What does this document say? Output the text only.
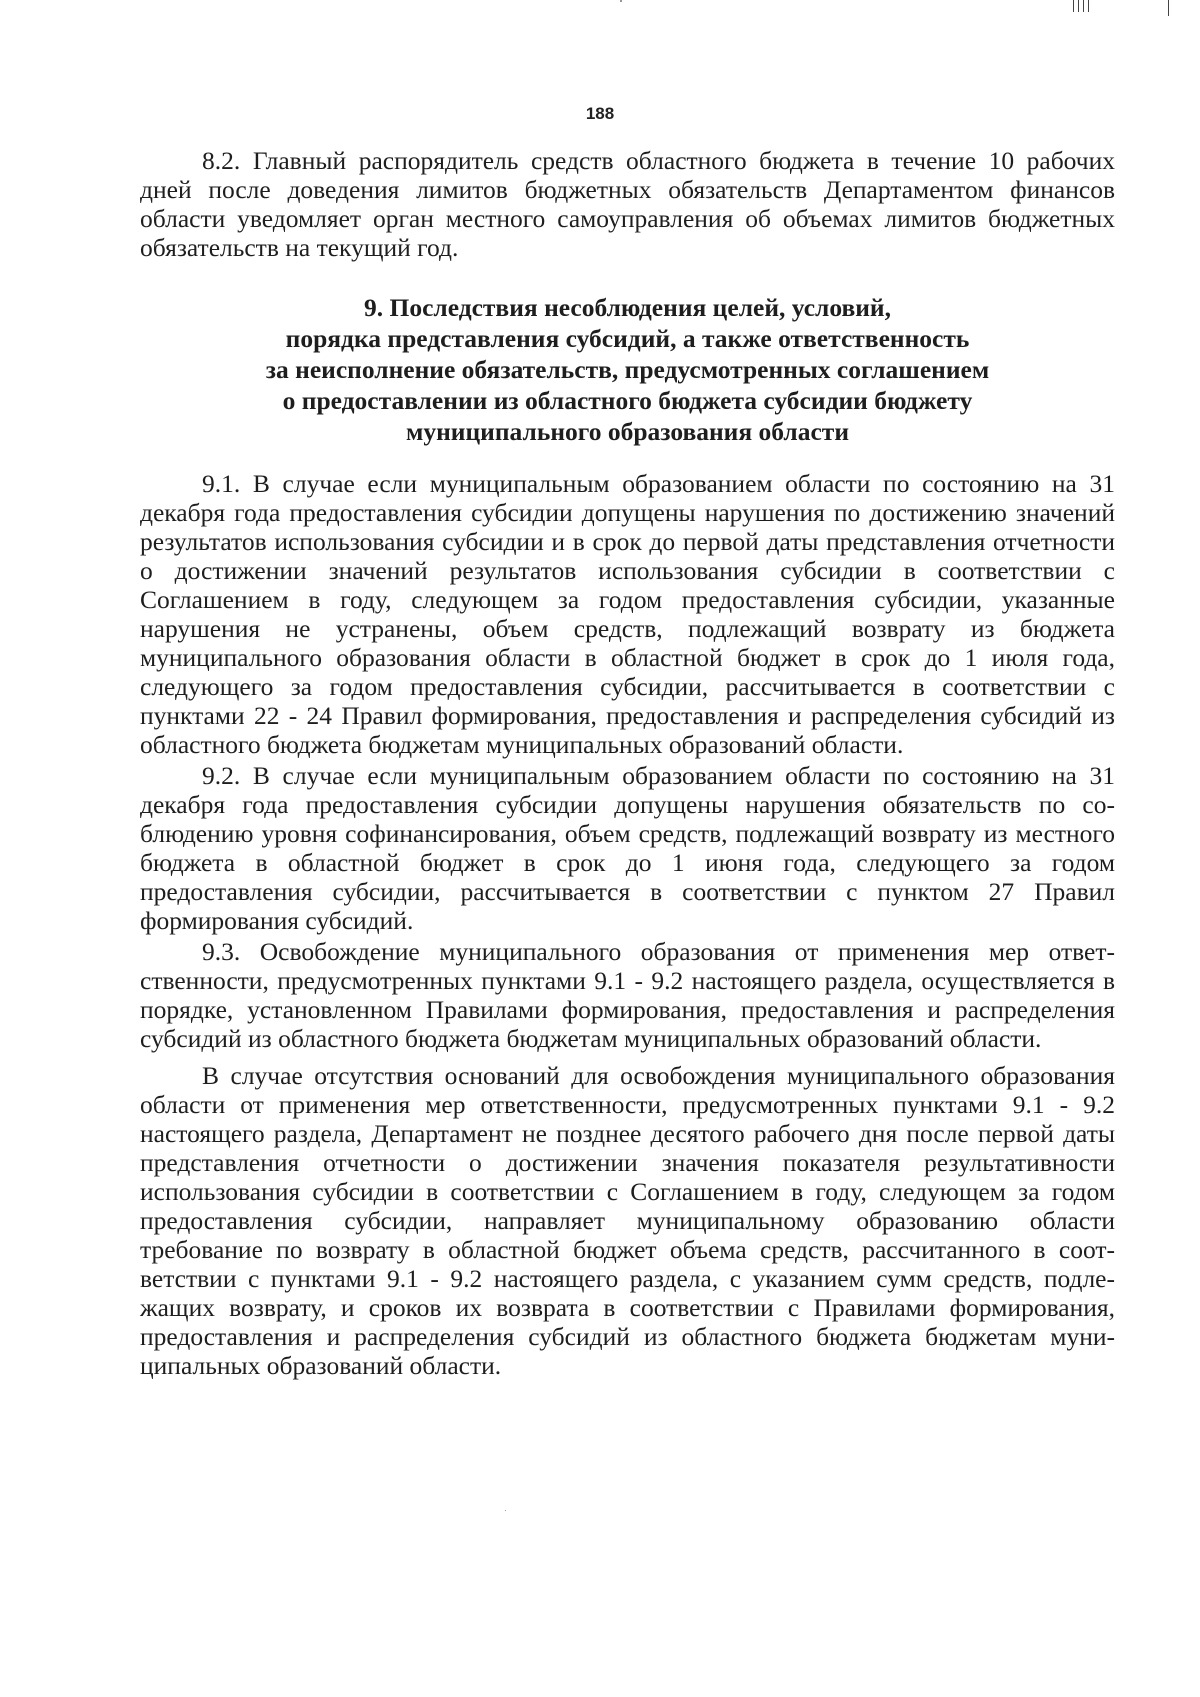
188

8.2. Главный распорядитель средств областного бюджета в течение 10 рабочих дней после доведения лимитов бюджетных обязательств Департаментом финансов области уведомляет орган местного самоуправления об объемах лимитов бюджетных обязательств на текущий год.

9. Последствия несоблюдения целей, условий,
порядка представления субсидий, а также ответственность
за неисполнение обязательств, предусмотренных соглашением
о предоставлении из областного бюджета субсидии бюджету
муниципального образования области

9.1. В случае если муниципальным образованием области по состоянию на 31 декабря года предоставления субсидии допущены нарушения по достижению значений результатов использования субсидии и в срок до первой даты представления отчетности о достижении значений результатов использования субсидии в соответствии с Соглашением в году, следующем за годом предоставления субсидии, указанные нарушения не устранены, объем средств, подлежащий возврату из бюджета муниципального образования области в областной бюджет в срок до 1 июля года, следующего за годом предоставления субсидии, рассчитывается в соответствии с пунктами 22 - 24 Правил формирования, предоставления и распределения субсидий из областного бюджета бюджетам муниципальных образований области.

9.2. В случае если муниципальным образованием области по состоянию на 31 декабря года предоставления субсидии допущены нарушения обязательств по соблюдению уровня софинансирования, объем средств, подлежащий возврату из местного бюджета в областной бюджет в срок до 1 июня года, следующего за годом предоставления субсидии, рассчитывается в соответствии с пунктом 27 Правил формирования субсидий.

9.3. Освобождение муниципального образования от применения мер ответственности, предусмотренных пунктами 9.1 - 9.2 настоящего раздела, осуществляется в порядке, установленном Правилами формирования, предоставления и распределения субсидий из областного бюджета бюджетам муниципальных образований области.

В случае отсутствия оснований для освобождения муниципального образования области от применения мер ответственности, предусмотренных пунктами 9.1 - 9.2 настоящего раздела, Департамент не позднее десятого рабочего дня после первой даты представления отчетности о достижении значения показателя результативности использования субсидии в соответствии с Соглашением в году, следующем за годом предоставления субсидии, направляет муниципальному образованию области требование по возврату в областной бюджет объема средств, рассчитанного в соответствии с пунктами 9.1 - 9.2 настоящего раздела, с указанием сумм средств, подлежащих возврату, и сроков их возврата в соответствии с Правилами формирования, предоставления и распределения субсидий из областного бюджета бюджетам муниципальных образований области.
